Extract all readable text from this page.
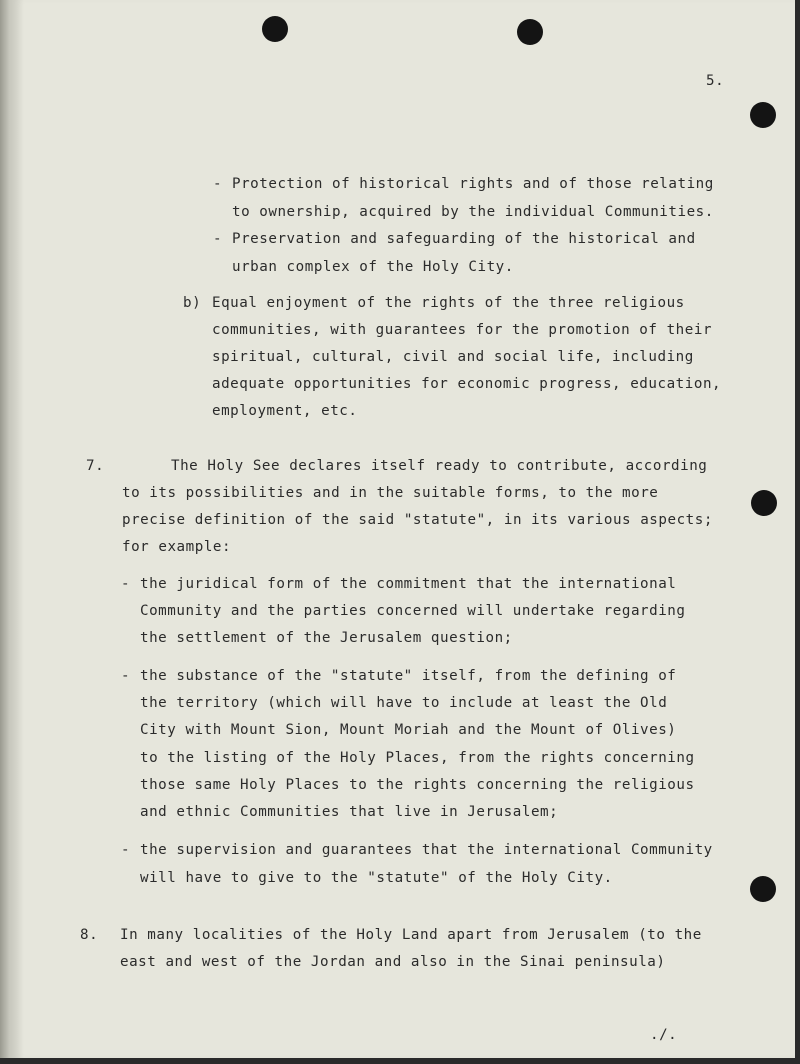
5.
- Protection of historical rights and of those relating
to ownership, acquired by the individual Communities.
- Preservation and safeguarding of the historical and
urban complex of the Holy City.
b) Equal enjoyment of the rights of the three religious
communities, with guarantees for the promotion of their
spiritual, cultural, civil and social life, including
adequate opportunities for economic progress, education,
employment, etc.
7.	The Holy See declares itself ready to contribute, according
to its possibilities and in the suitable forms, to the more
precise definition of the said "statute", in its various aspects;
for example:
- the juridical form of the commitment that the international
Community and the parties concerned will undertake regarding
the settlement of the Jerusalem question;
- the substance of the "statute" itself, from the defining of
the territory (which will have to include at least the Old
City with Mount Sion, Mount Moriah and the Mount of Olives)
to the listing of the Holy Places, from the rights concerning
those same Holy Places to the rights concerning the religious
and ethnic Communities that live in Jerusalem;
- the supervision and guarantees that the international Community
will have to give to the "statute" of the Holy City.
8. In many localities of the Holy Land apart from Jerusalem (to the
east and west of the Jordan and also in the Sinai peninsula)
./.
